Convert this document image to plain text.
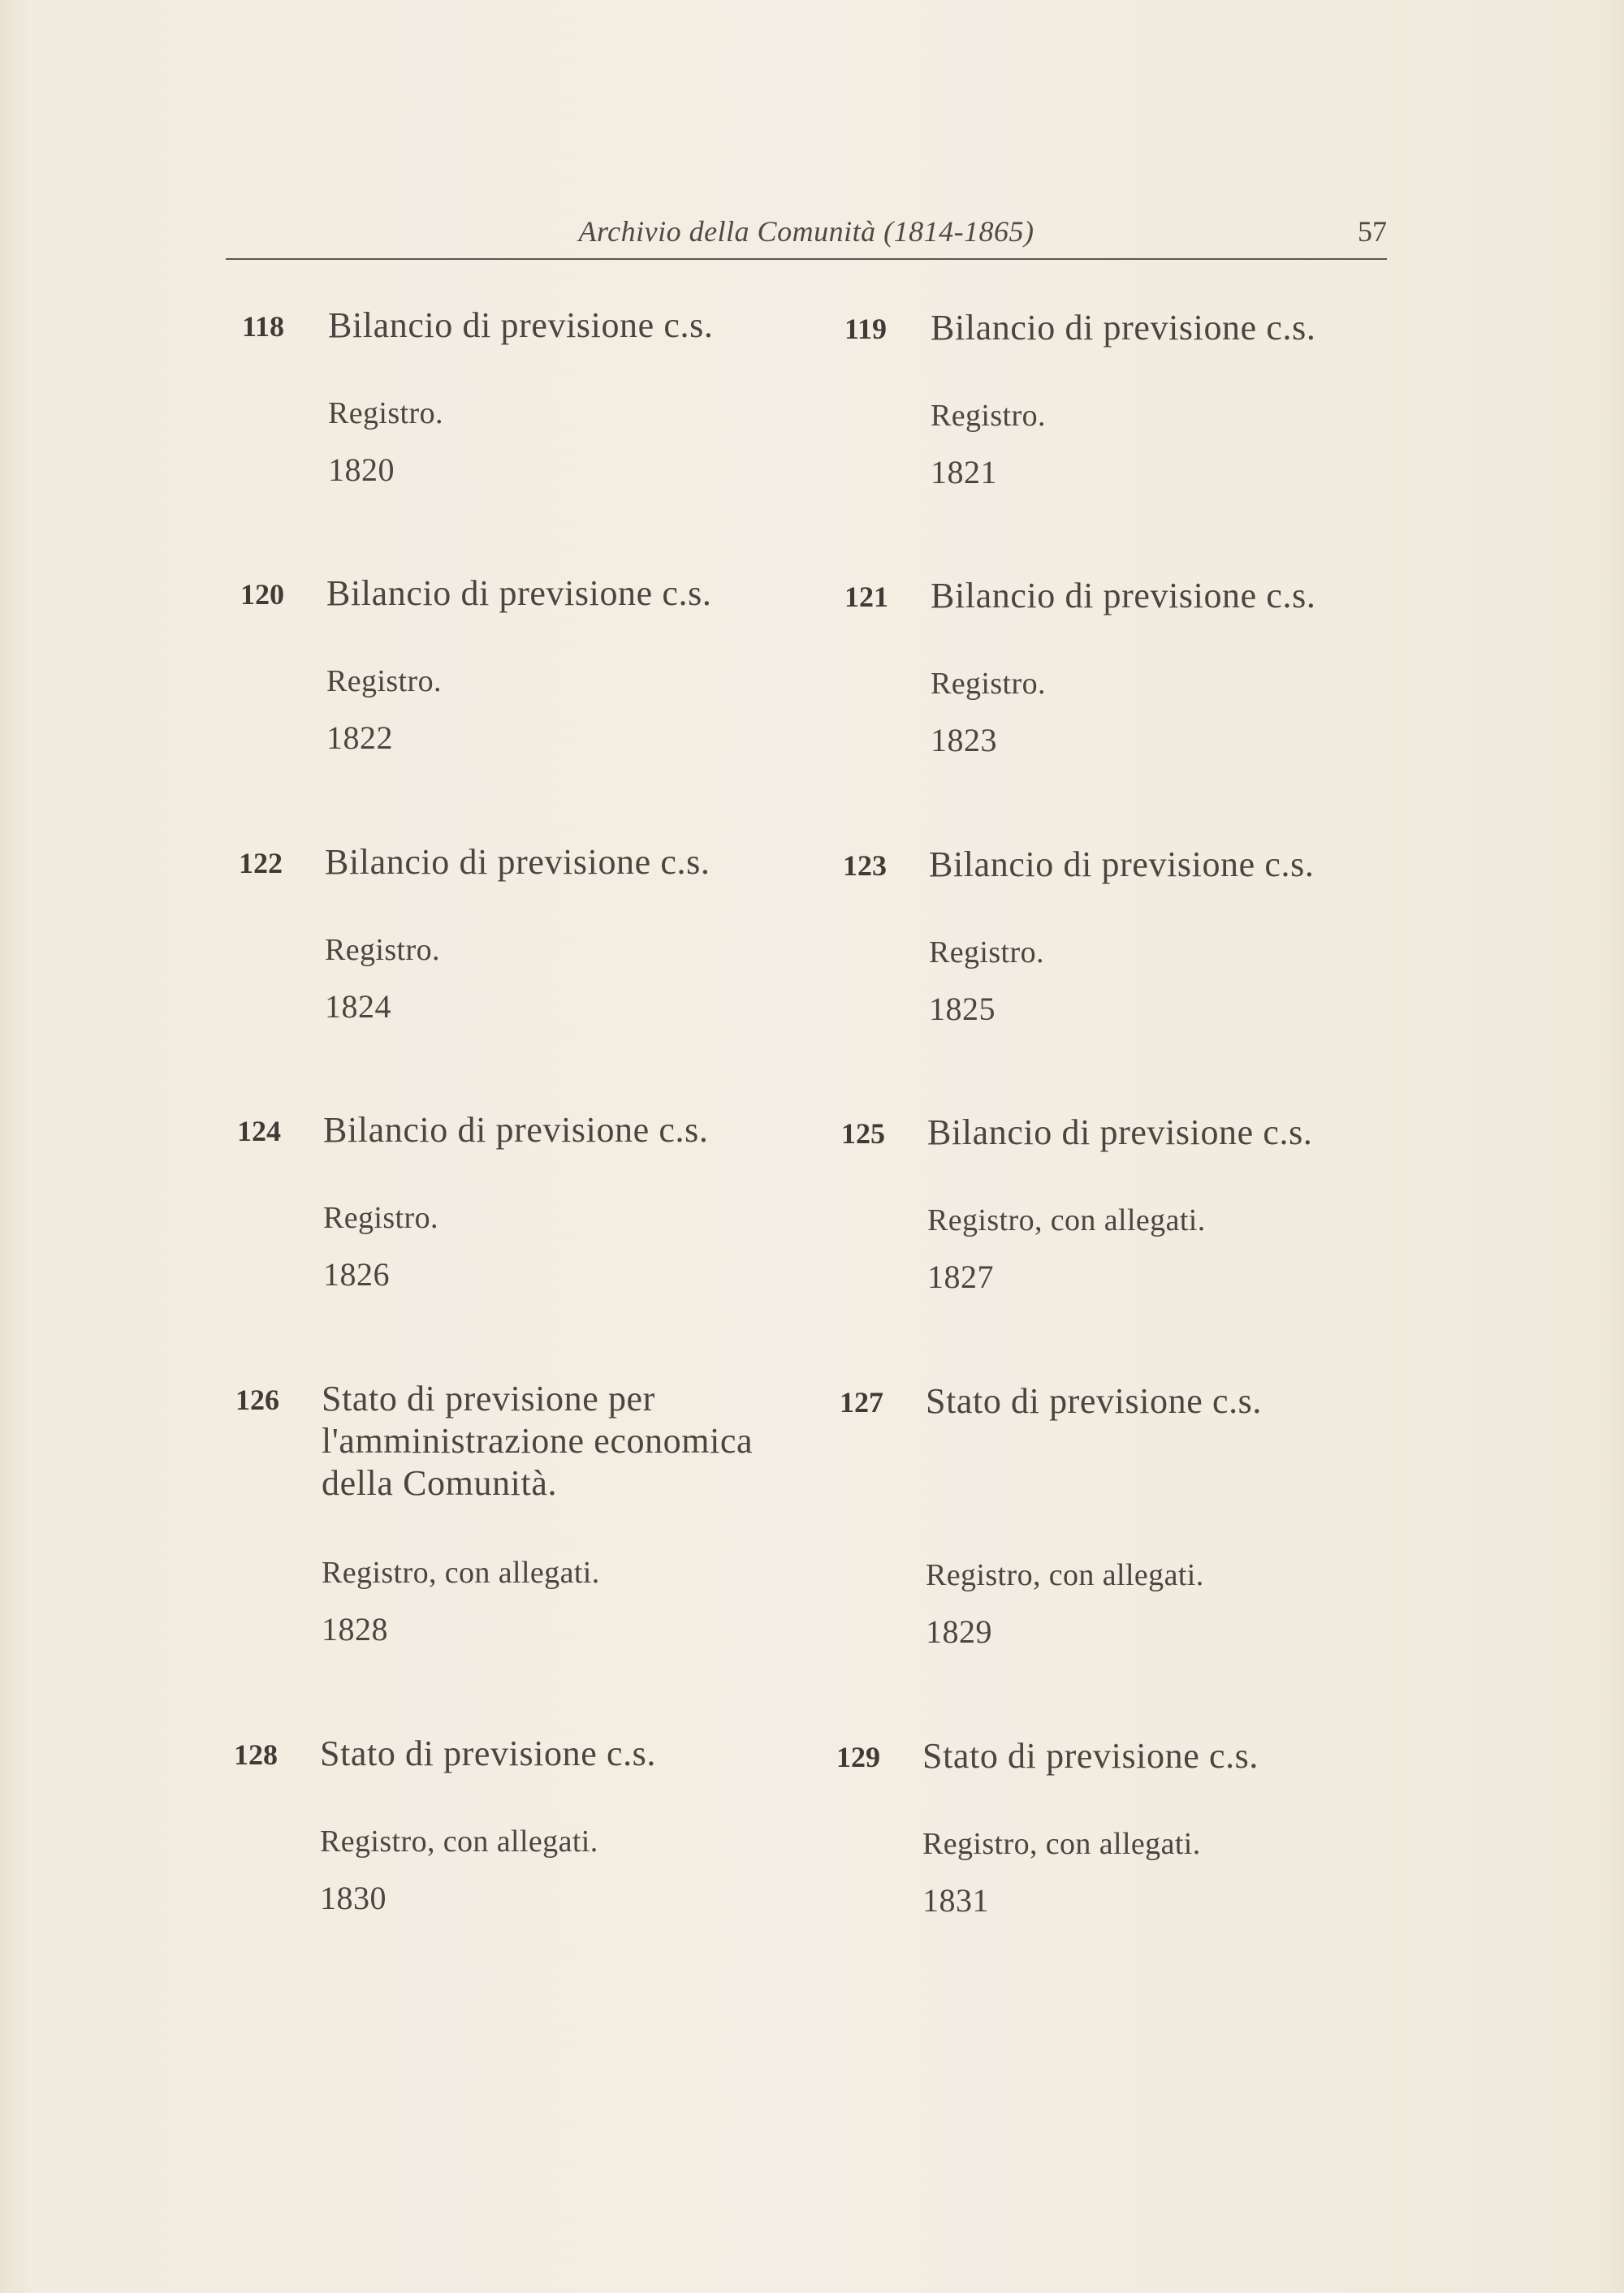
Archivio della Comunità (1814-1865)	57
118	Bilancio di previsione c.s.
Registro.
1820
119	Bilancio di previsione c.s.
Registro.
1821
120	Bilancio di previsione c.s.
Registro.
1822
121	Bilancio di previsione c.s.
Registro.
1823
122	Bilancio di previsione c.s.
Registro.
1824
123	Bilancio di previsione c.s.
Registro.
1825
124	Bilancio di previsione c.s.
Registro.
1826
125	Bilancio di previsione c.s.
Registro, con allegati.
1827
126	Stato di previsione per l'amministrazione economica della Comunità.
Registro, con allegati.
1828
127	Stato di previsione c.s.
Registro, con allegati.
1829
128	Stato di previsione c.s.
Registro, con allegati.
1830
129	Stato di previsione c.s.
Registro, con allegati.
1831
